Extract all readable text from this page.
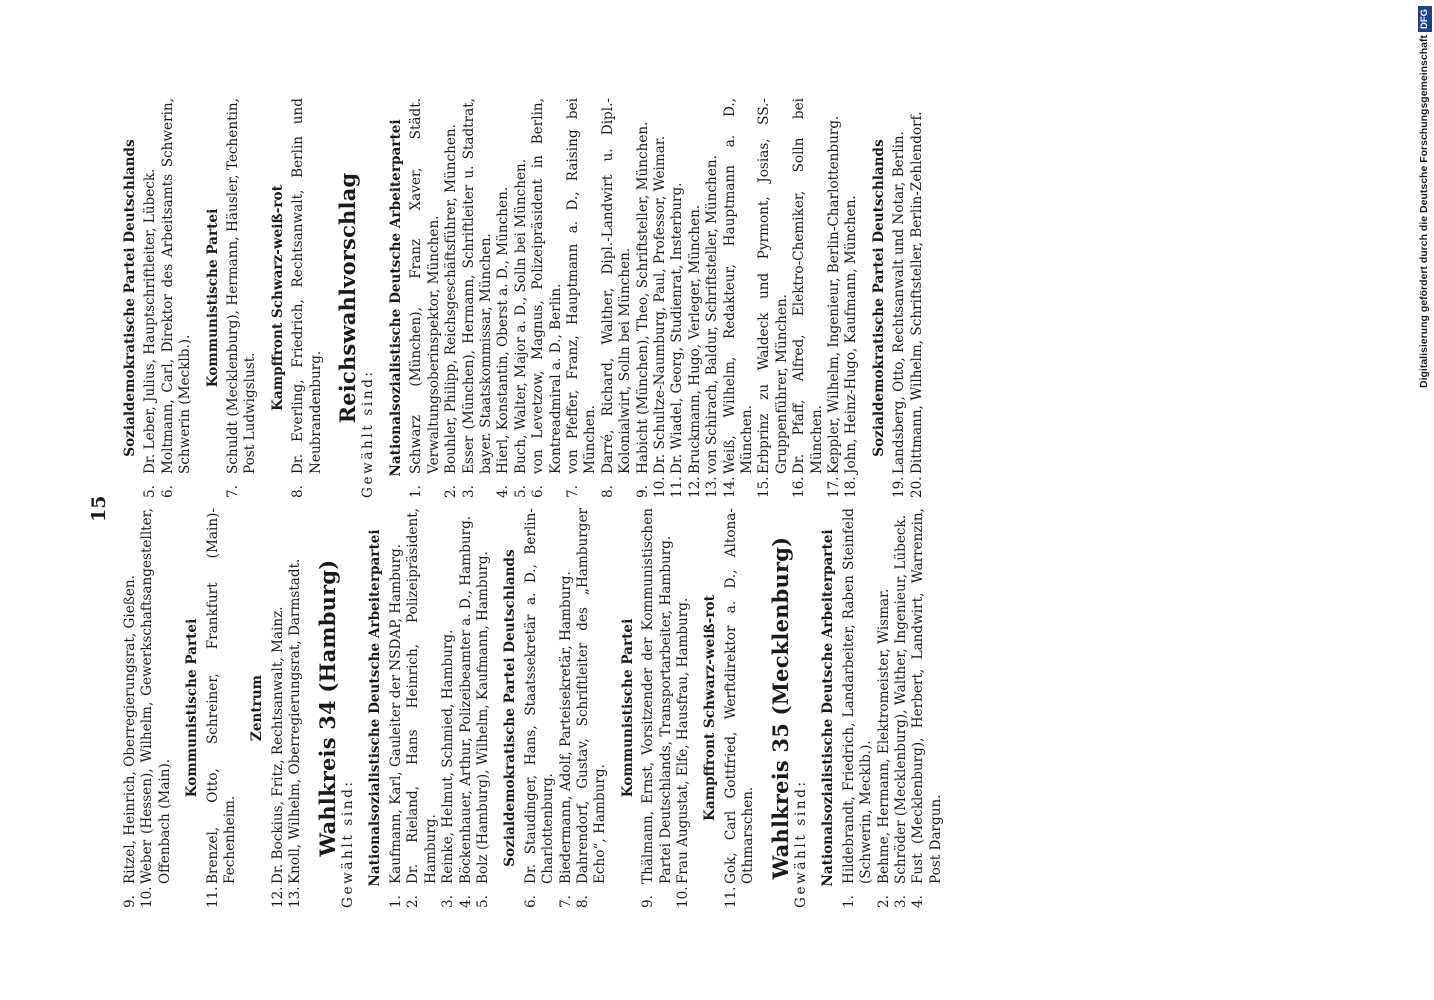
15
9.
Ritzel, Heinrich, Oberregierungsrat, Gießen.
10.
Weber (Hessen), Wilhelm, Gewerkschaftsangestellter, Offenbach (Main).
Kommunistische Partei
11.
Brenzel, Otto, Schreiner, Frankfurt (Main)-Fechenheim.
Zentrum
12.
Dr. Bockius, Fritz, Rechtsanwalt, Mainz.
13.
Knoll, Wilhelm, Oberregierungsrat, Darmstadt. Wahlkreis 34 (Hamburg) Gewählt sind: Nationalsozialistische Deutsche Arbeiterpartei
1.
Kaufmann, Karl, Gauleiter der NSDAP, Hamburg.
2.
Dr. Rieland, Hans Heinrich, Polizeipräsident, Hamburg.
3.
Reinke, Helmut, Schmied, Hamburg.
4.
Böckenhauer, Arthur, Polizeibeamter a. D., Hamburg.
5.
Bolz (Hamburg), Wilhelm, Kaufmann, Hamburg. Sozialdemokratische Partei Deutschlands
6.
Dr. Staudinger, Hans, Staatssekretär a. D., Berlin-Charlottenburg.
7.
Biedermann, Adolf, Parteisekretär, Hamburg.
8.
Dahrendorf, Gustav, Schriftleiter des „Hamburger Echo“, Hamburg.
Kommunistische Partei
9.
Thälmann, Ernst, Vorsitzender der Kommunistischen Partei Deutschlands, Transportarbeiter, Hamburg.
10.
Frau Augustat, Elfe, Hausfrau, Hamburg. Kampffront Schwarz-weiß-rot
11.
Gok, Carl Gottfried, Werftdirektor a. D., Altona-Othmarschen. Wahlkreis 35 (Mecklenburg) Gewählt sind: Nationalsozialistische Deutsche Arbeiterpartei
1.
Hildebrandt, Friedrich, Landarbeiter, Raben Steinfeld (Schwerin, Mecklb.).
2.
Behme, Hermann, Elektromeister, Wismar.
3.
Schröder (Mecklenburg), Walther, Ingenieur, Lübeck.
4.
Fust (Mecklenburg), Herbert, Landwirt, Warrenzin, Post Dargun.
Sozialdemokratische Partei Deutschlands
5.
Dr. Leber, Julius, Hauptschriftleiter, Lübeck.
6.
Moltmann, Carl, Direktor des Arbeitsamts Schwerin, Schwerin (Mecklb.).
Kommunistische Partei
7.
Schuldt (Mecklenburg), Hermann, Häusler, Techentin, Post Ludwigslust.
Kampffront Schwarz-weiß-rot
8.
Dr. Everling, Friedrich, Rechtsanwalt, Berlin und Neubrandenburg. Reichswahlvorschlag
Gewählt sind: Nationalsozialistische Deutsche Arbeiterpartei
1.
Schwarz (München), Franz Xaver, Städt. Verwaltungsoberinspektor, München.
2.
Bouhler, Philipp, Reichsgeschäftsführer, München.
3.
Esser (München), Hermann, Schriftleiter u. Stadtrat, bayer. Staatskommissar, München.
4.
Hierl, Konstantin, Oberst a. D., München.
5.
Buch, Walter, Major a. D., Solln bei München.
6.
von Levetzow, Magnus, Polizeipräsident in Berlin, Kontreadmiral a. D., Berlin.
7.
von Pfeffer, Franz, Hauptmann a. D., Raising bei München.
8.
Darré, Richard, Walther, Dipl.-Landwirt u. Dipl.-Kolonialwirt, Solln bei München.
9.
Habicht (München), Theo, Schriftsteller, München.
10.
Dr. Schultze-Naumburg, Paul, Professor, Weimar.
11.
Dr. Wiadel, Georg, Studienrat, Insterburg.
12.
Bruckmann, Hugo, Verleger, München.
13.
von Schirach, Baldur, Schriftsteller, München.
14.
Weiß, Wilhelm, Redakteur, Hauptmann a. D., München.
15.
Erbprinz zu Waldeck und Pyrmont, Josias, SS.-Gruppenführer, München.
16.
Dr. Pfaff, Alfred, Elektro-Chemiker, Solln bei München.
17.
Keppler, Wilhelm, Ingenieur, Berlin-Charlottenburg.
18.
John, Heinz-Hugo, Kaufmann, München. Sozialdemokratische Partei Deutschlands
19.
Landsberg, Otto, Rechtsanwalt und Notar, Berlin.
20.
Dittmann, Wilhelm, Schriftsteller, Berlin-Zehlendorf.	Digitalisierung gefördert durch die Deutsche ForschungsgemeinschaftDFG
